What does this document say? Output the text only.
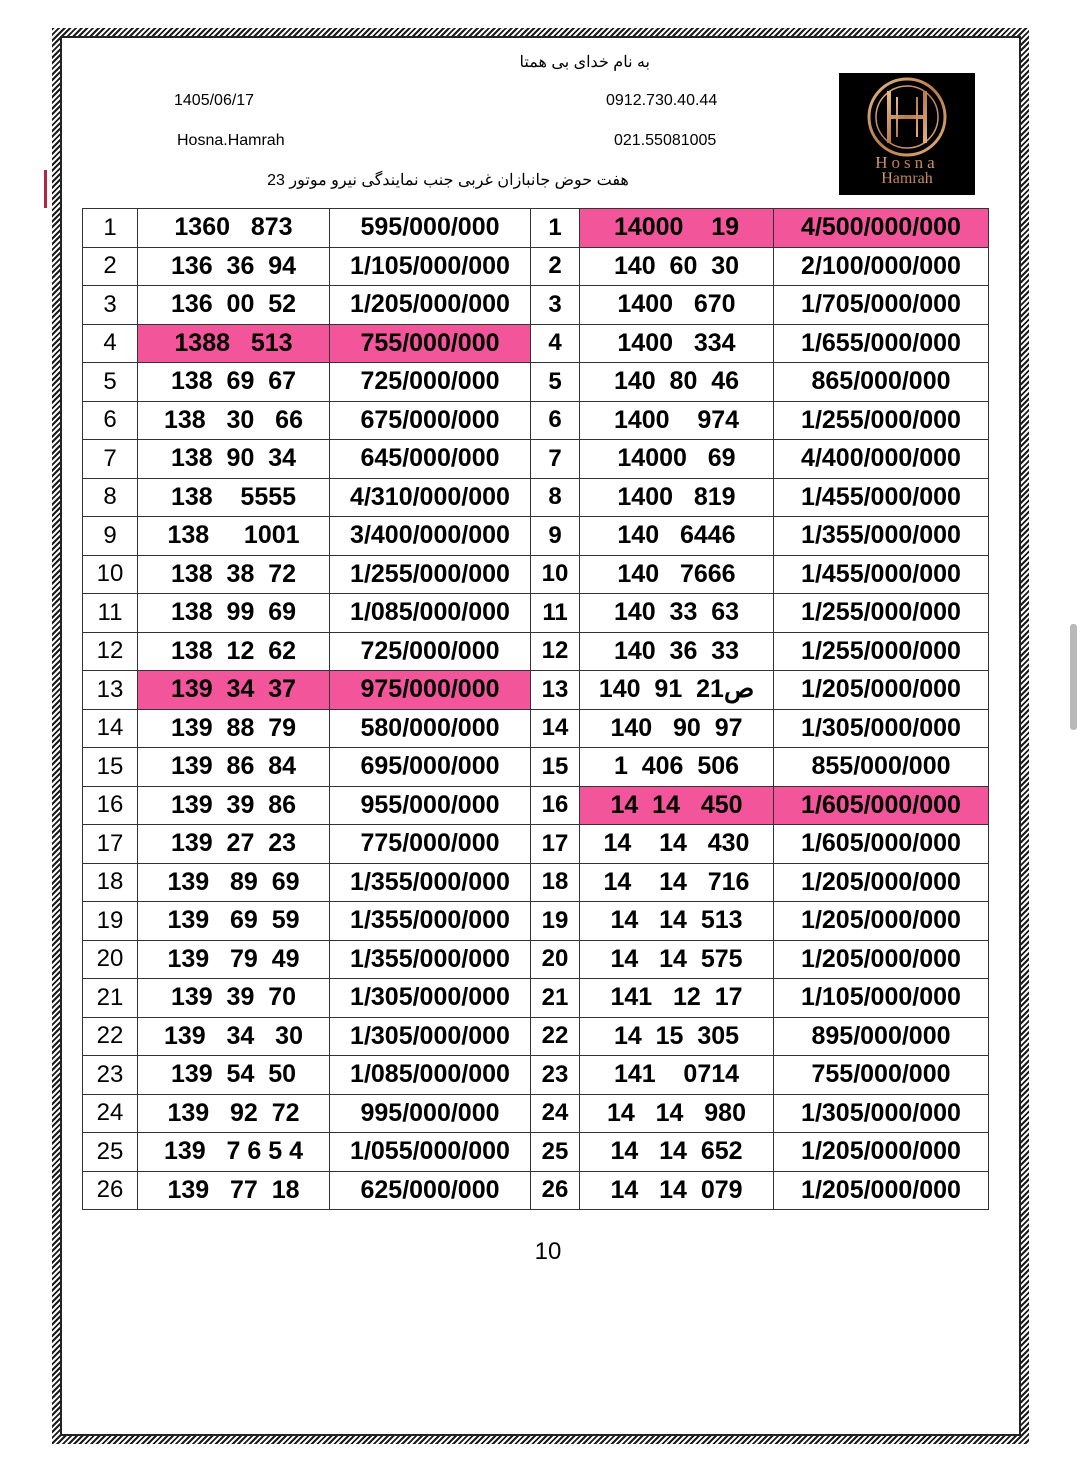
به نام خدای بی همتا
1405/06/17	0912.730.40.44
Hosna.Hamrah	021.55081005
هفت حوض جانبازان غربی جنب نمایندگی نیرو موتور 23
Hosna
Hamrah
1	1360   873	595/000/000	1	14000    19	4/500/000/000
2	136  36  94	1/105/000/000	2	140  60  30	2/100/000/000
3	136  00  52	1/205/000/000	3	1400   670	1/705/000/000
4	1388   513	755/000/000	4	1400   334	1/655/000/000
5	138  69  67	725/000/000	5	140  80  46	865/000/000
6	138   30   66	675/000/000	6	1400    974	1/255/000/000
7	138  90  34	645/000/000	7	14000   69	4/400/000/000
8	138    5555	4/310/000/000	8	1400   819	1/455/000/000
9	138     1001	3/400/000/000	9	140   6446	1/355/000/000
10	138  38  72	1/255/000/000	10	140   7666	1/455/000/000
11	138  99  69	1/085/000/000	11	140  33  63	1/255/000/000
12	138  12  62	725/000/000	12	140  36  33	1/255/000/000
13	139  34  37	975/000/000	13	140  91  21ص	1/205/000/000
14	139  88  79	580/000/000	14	140   90  97	1/305/000/000
15	139  86  84	695/000/000	15	1  406  506	855/000/000
16	139  39  86	955/000/000	16	14  14   450	1/605/000/000
17	139  27  23	775/000/000	17	14    14   430	1/605/000/000
18	139   89  69	1/355/000/000	18	14    14   716	1/205/000/000
19	139   69  59	1/355/000/000	19	14   14  513	1/205/000/000
20	139   79  49	1/355/000/000	20	14   14  575	1/205/000/000
21	139  39  70	1/305/000/000	21	141   12  17	1/105/000/000
22	139   34   30	1/305/000/000	22	14  15  305	895/000/000
23	139  54  50	1/085/000/000	23	141    0714	755/000/000
24	139   92  72	995/000/000	24	14   14   980	1/305/000/000
25	139   7 6 5 4	1/055/000/000	25	14   14  652	1/205/000/000
26	139   77  18	625/000/000	26	14   14  079	1/205/000/000
10
